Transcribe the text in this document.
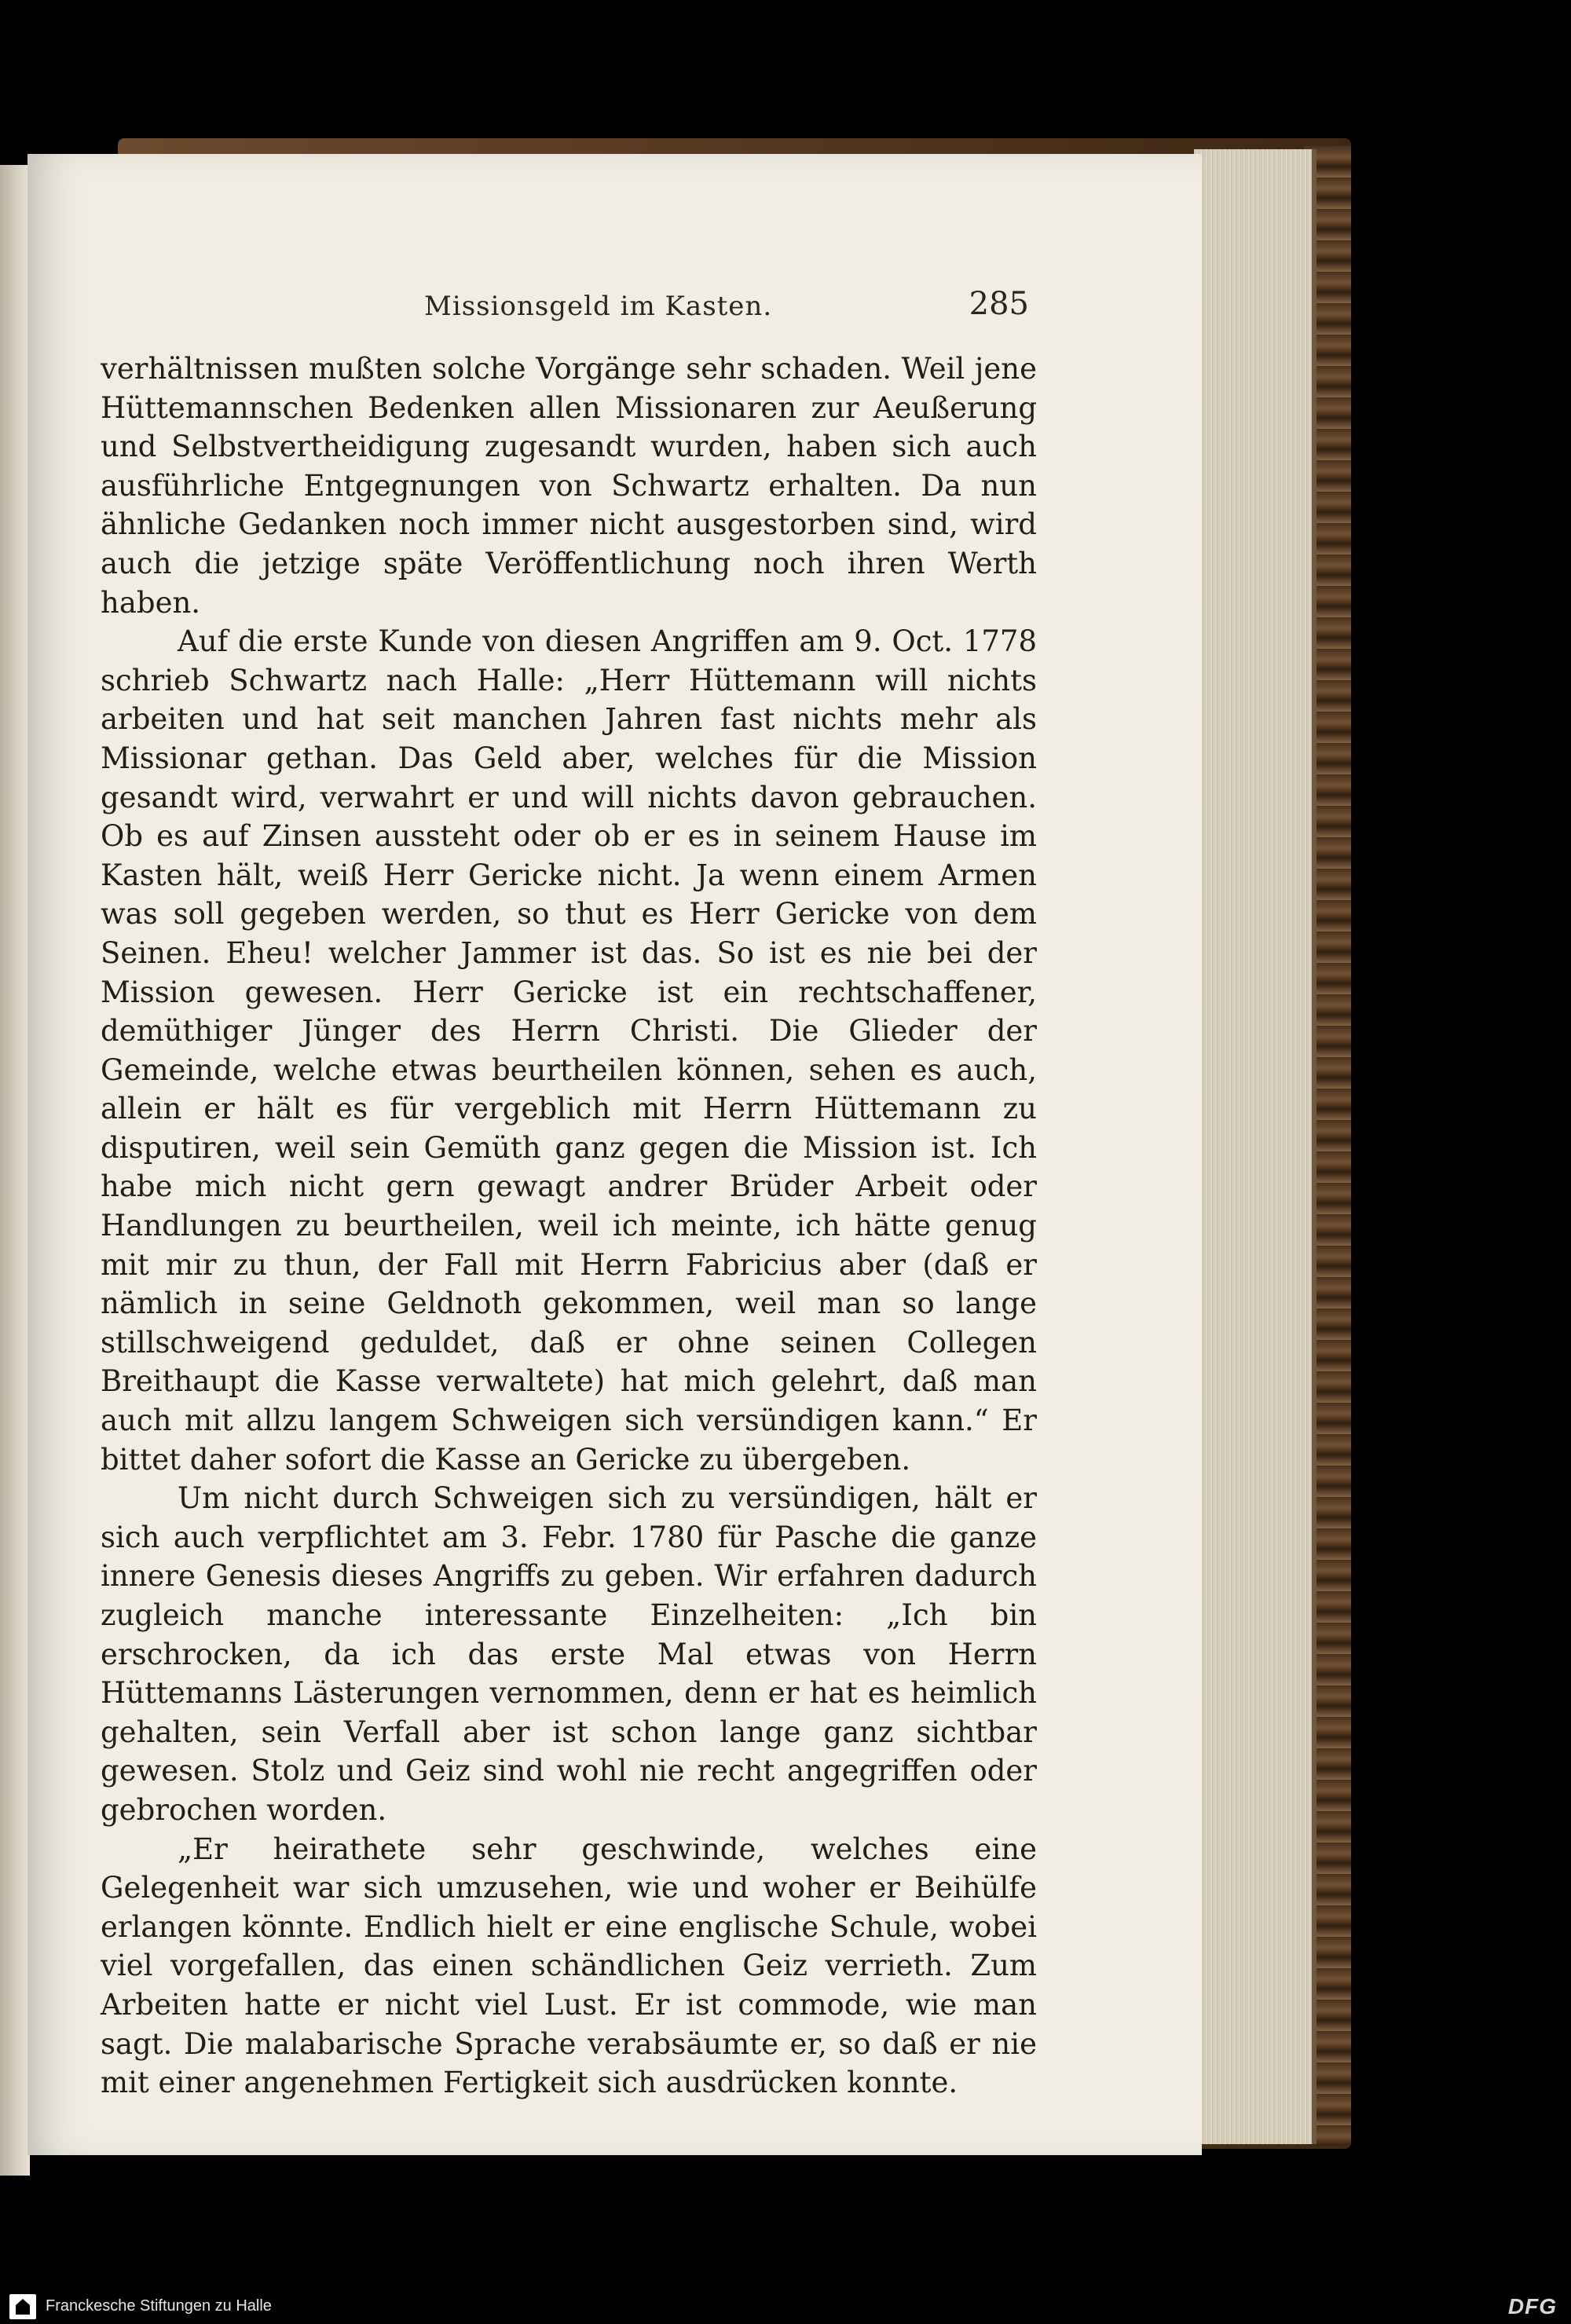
Missionsgeld im Kasten.	285

verhältnissen mußten solche Vorgänge sehr schaden. Weil jene Hüttemannschen Bedenken allen Missionaren zur Aeußerung und Selbstvertheidigung zugesandt wurden, haben sich auch ausführliche Entgegnungen von Schwartz erhalten. Da nun ähnliche Gedanken noch immer nicht ausgestorben sind, wird auch die jetzige späte Veröffentlichung noch ihren Werth haben.

Auf die erste Kunde von diesen Angriffen am 9. Oct. 1778 schrieb Schwartz nach Halle: „Herr Hüttemann will nichts arbeiten und hat seit manchen Jahren fast nichts mehr als Missionar gethan. Das Geld aber, welches für die Mission gesandt wird, verwahrt er und will nichts davon gebrauchen. Ob es auf Zinsen aussteht oder ob er es in seinem Hause im Kasten hält, weiß Herr Gericke nicht. Ja wenn einem Armen was soll gegeben werden, so thut es Herr Gericke von dem Seinen. Eheu! welcher Jammer ist das. So ist es nie bei der Mission gewesen. Herr Gericke ist ein rechtschaffener, demüthiger Jünger des Herrn Christi. Die Glieder der Gemeinde, welche etwas beurtheilen können, sehen es auch, allein er hält es für vergeblich mit Herrn Hüttemann zu disputiren, weil sein Gemüth ganz gegen die Mission ist. Ich habe mich nicht gern gewagt andrer Brüder Arbeit oder Handlungen zu beurtheilen, weil ich meinte, ich hätte genug mit mir zu thun, der Fall mit Herrn Fabricius aber (daß er nämlich in seine Geldnoth gekommen, weil man so lange stillschweigend geduldet, daß er ohne seinen Collegen Breithaupt die Kasse verwaltete) hat mich gelehrt, daß man auch mit allzu langem Schweigen sich versündigen kann.“ Er bittet daher sofort die Kasse an Gericke zu übergeben.

Um nicht durch Schweigen sich zu versündigen, hält er sich auch verpflichtet am 3. Febr. 1780 für Pasche die ganze innere Genesis dieses Angriffs zu geben. Wir erfahren dadurch zugleich manche interessante Einzelheiten: „Ich bin erschrocken, da ich das erste Mal etwas von Herrn Hüttemanns Lästerungen vernommen, denn er hat es heimlich gehalten, sein Verfall aber ist schon lange ganz sichtbar gewesen. Stolz und Geiz sind wohl nie recht angegriffen oder gebrochen worden.

„Er heirathete sehr geschwinde, welches eine Gelegenheit war sich umzusehen, wie und woher er Beihülfe erlangen könnte. Endlich hielt er eine englische Schule, wobei viel vorgefallen, das einen schändlichen Geiz verrieth. Zum Arbeiten hatte er nicht viel Lust. Er ist commode, wie man sagt. Die malabarische Sprache verabsäumte er, so daß er nie mit einer angenehmen Fertigkeit sich ausdrücken konnte.

Franckesche Stiftungen zu Halle	DFG
